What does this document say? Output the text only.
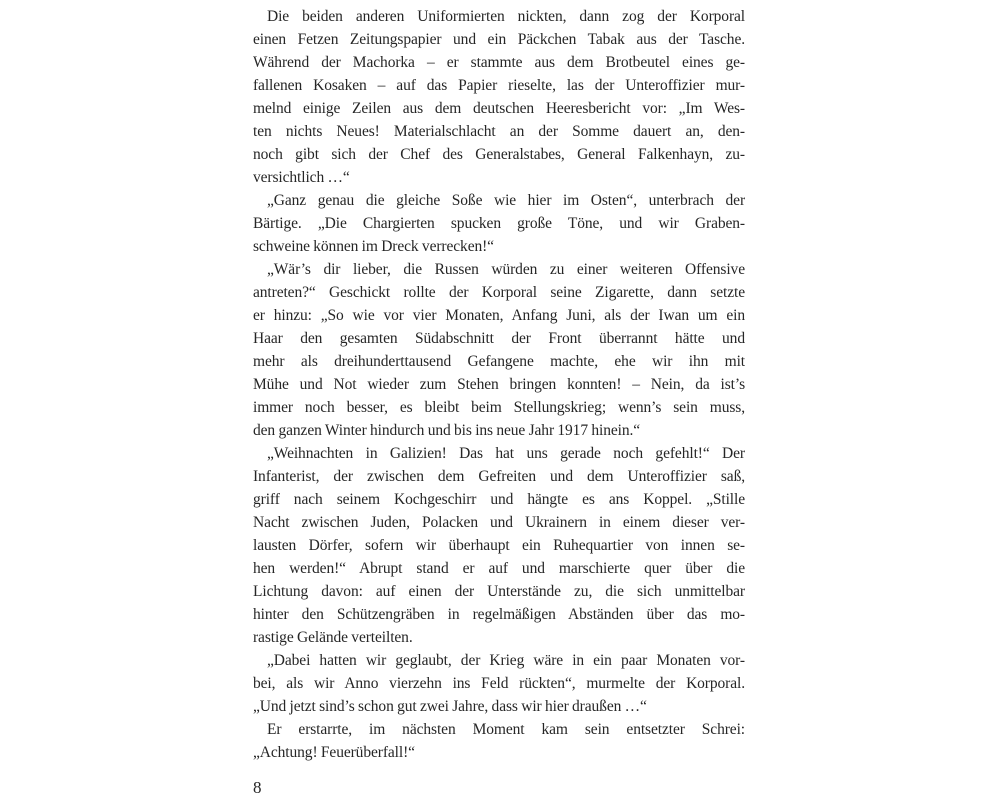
Die beiden anderen Uniformierten nickten, dann zog der Korporal
einen Fetzen Zeitungspapier und ein Päckchen Tabak aus der Tasche.
Während der Machorka – er stammte aus dem Brotbeutel eines ge-
fallenen Kosaken – auf das Papier rieselte, las der Unteroffizier mur-
melnd einige Zeilen aus dem deutschen Heeresbericht vor: „Im Wes-
ten nichts Neues! Materialschlacht an der Somme dauert an, den-
noch gibt sich der Chef des Generalstabes, General Falkenhayn, zu-
versichtlich …“
„Ganz genau die gleiche Soße wie hier im Osten“, unterbrach der
Bärtige. „Die Chargierten spucken große Töne, und wir Graben-
schweine können im Dreck verrecken!“
„Wär’s dir lieber, die Russen würden zu einer weiteren Offensive
antreten?“ Geschickt rollte der Korporal seine Zigarette, dann setzte
er hinzu: „So wie vor vier Monaten, Anfang Juni, als der Iwan um ein
Haar den gesamten Südabschnitt der Front überrannt hätte und
mehr als dreihunderttausend Gefangene machte, ehe wir ihn mit
Mühe und Not wieder zum Stehen bringen konnten! – Nein, da ist’s
immer noch besser, es bleibt beim Stellungskrieg; wenn’s sein muss,
den ganzen Winter hindurch und bis ins neue Jahr 1917 hinein.“
„Weihnachten in Galizien! Das hat uns gerade noch gefehlt!“ Der
Infanterist, der zwischen dem Gefreiten und dem Unteroffizier saß,
griff nach seinem Kochgeschirr und hängte es ans Koppel. „Stille
Nacht zwischen Juden, Polacken und Ukrainern in einem dieser ver-
lausten Dörfer, sofern wir überhaupt ein Ruhequartier von innen se-
hen werden!“ Abrupt stand er auf und marschierte quer über die
Lichtung davon: auf einen der Unterstände zu, die sich unmittelbar
hinter den Schützengräben in regelmäßigen Abständen über das mo-
rastige Gelände verteilten.
„Dabei hatten wir geglaubt, der Krieg wäre in ein paar Monaten vor-
bei, als wir Anno vierzehn ins Feld rückten“, murmelte der Korporal.
„Und jetzt sind’s schon gut zwei Jahre, dass wir hier draußen …“
Er erstarrte, im nächsten Moment kam sein entsetzter Schrei:
„Achtung! Feuerüberfall!“
8
